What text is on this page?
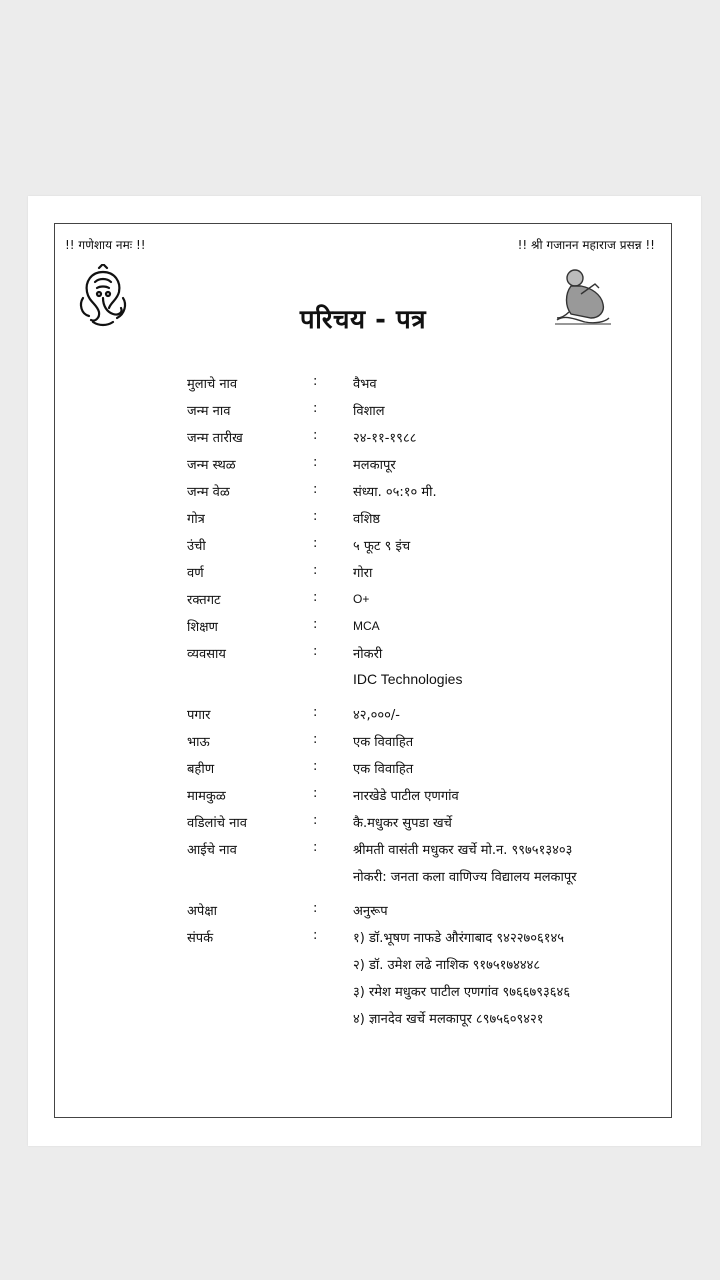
!! गणेशाय नमः !!	!! श्री गजानन महाराज प्रसन्न !!
परिचय - पत्र
मुलाचे नाव	:	वैभव
जन्म नाव	:	विशाल
जन्म तारीख	:	२४-११-१९८८
जन्म स्थळ	:	मलकापूर
जन्म वेळ	:	संध्या. ०५:१० मी.
गोत्र	:	वशिष्ठ
उंची	:	५ फूट ९ इंच
वर्ण	:	गोरा
रक्तगट	:	O+
शिक्षण	:	MCA
व्यवसाय	:	नोकरी
IDC Technologies
पगार	:	४२,०००/-
भाऊ	:	एक विवाहित
बहीण	:	एक विवाहित
मामकुळ	:	नारखेडे पाटील एणगांव
वडिलांचे नाव	:	कै.मधुकर सुपडा खर्चे
आईचे नाव	:	श्रीमती वासंती मधुकर खर्चे मो.न. ९९७५१३४०३
नोकरी: जनता कला वाणिज्य विद्यालय मलकापूर
अपेक्षा	:	अनुरूप
संपर्क	:	१) डॉ.भूषण नाफडे औरंगाबाद ९४२२७०६१४५
२) डॉ. उमेश लढे नाशिक ९१७५१७४४४८
३) रमेश मधुकर पाटील एणगांव ९७६६७९३६४६
४) ज्ञानदेव खर्चे मलकापूर ८९७५६०९४२१
